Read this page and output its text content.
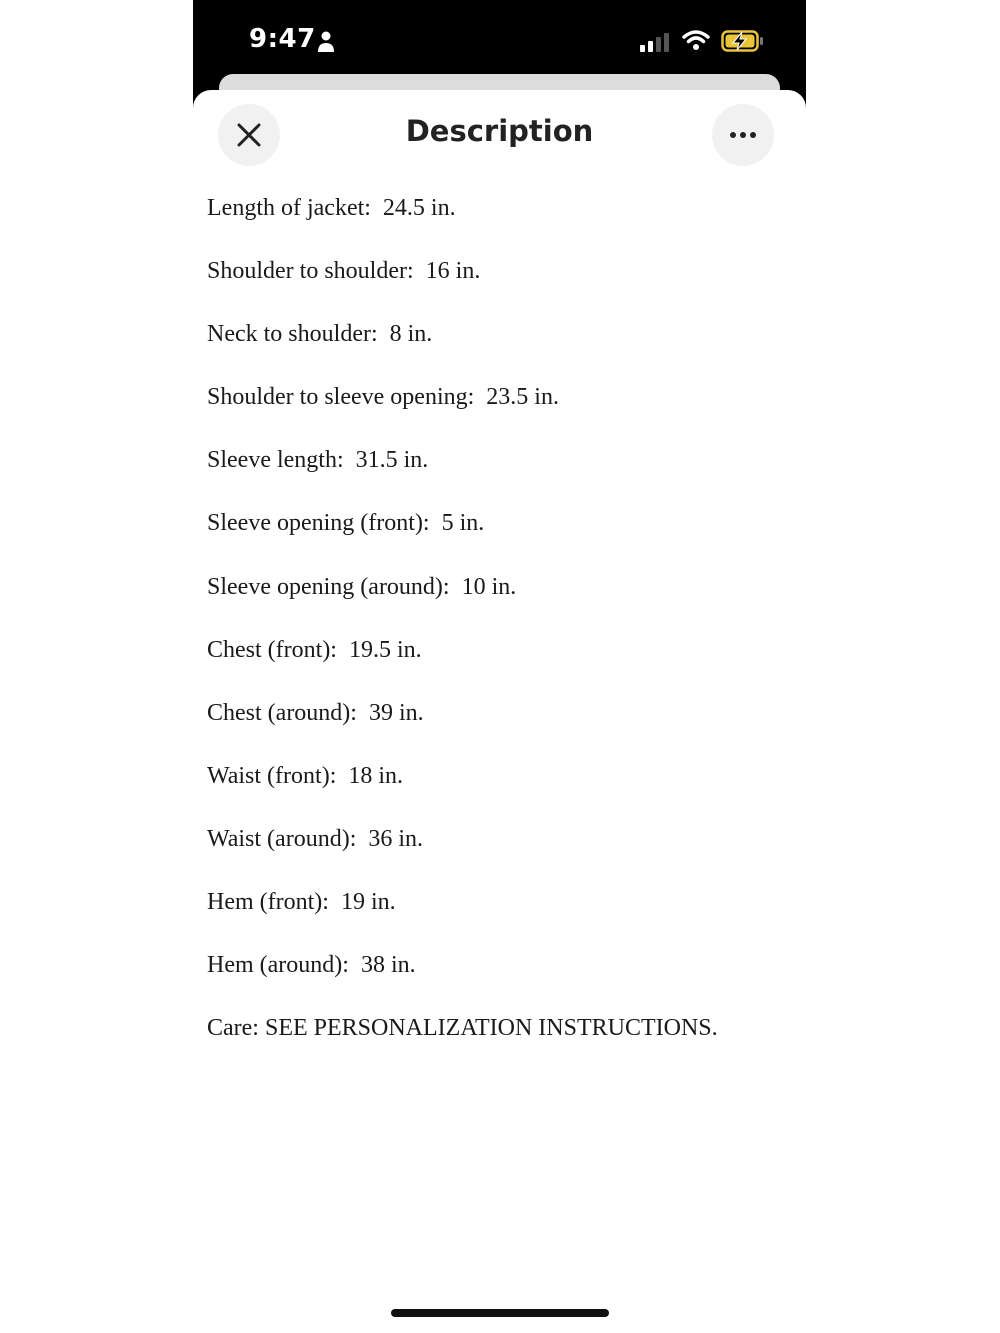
9:47
Description
Length of jacket:  24.5 in.
Shoulder to shoulder:  16 in.
Neck to shoulder:  8 in.
Shoulder to sleeve opening:  23.5 in.
Sleeve length:  31.5 in.
Sleeve opening (front):  5 in.
Sleeve opening (around):  10 in.
Chest (front):  19.5 in.
Chest (around):  39 in.
Waist (front):  18 in.
Waist (around):  36 in.
Hem (front):  19 in.
Hem (around):  38 in.
Care: SEE PERSONALIZATION INSTRUCTIONS.
